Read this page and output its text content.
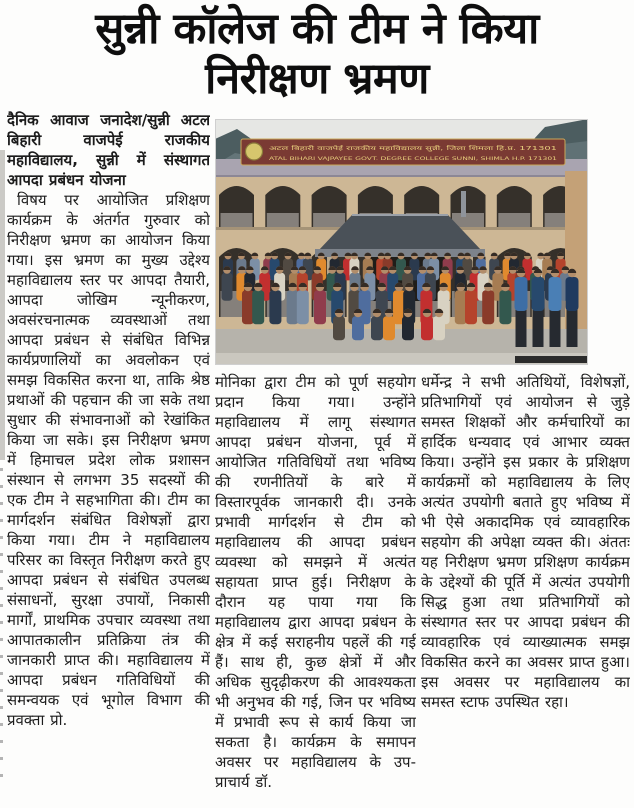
सुन्नी कॉलेज की टीम ने किया
निरीक्षण भ्रमण

दैनिक आवाज जनादेश/सुन्नी अटल बिहारी वाजपेई राजकीय महाविद्यालय, सुन्नी में संस्थागत आपदा प्रबंधन योजना

विषय पर आयोजित प्रशिक्षण कार्यक्रम के अंतर्गत गुरुवार को निरीक्षण भ्रमण का आयोजन किया गया। इस भ्रमण का मुख्य उद्देश्य महाविद्यालय स्तर पर आपदा तैयारी, आपदा जोखिम न्यूनीकरण, अवसंरचनात्मक व्यवस्थाओं तथा आपदा प्रबंधन से संबंधित विभिन्न कार्यप्रणालियों का अवलोकन एवं समझ विकसित करना था, ताकि श्रेष्ठ प्रथाओं की पहचान की जा सके तथा सुधार की संभावनाओं को रेखांकित किया जा सके। इस निरीक्षण भ्रमण में हिमाचल प्रदेश लोक प्रशासन संस्थान से लगभग 35 सदस्यों की एक टीम ने सहभागिता की। टीम का मार्गदर्शन संबंधित विशेषज्ञों द्वारा किया गया। टीम ने महाविद्यालय परिसर का विस्तृत निरीक्षण करते हुए आपदा प्रबंधन से संबंधित उपलब्ध संसाधनों, सुरक्षा उपायों, निकासी मार्गों, प्राथमिक उपचार व्यवस्था तथा आपातकालीन प्रतिक्रिया तंत्र की जानकारी प्राप्त की। महाविद्यालय में आपदा प्रबंधन गतिविधियों की समन्वयक एवं भूगोल विभाग की प्रवक्ता प्रो.

अटल बिहारी वाजपेई राजकीय महाविद्यालय सुन्नी, जिला शिमला हि.प्र. 171301
ATAL BIHARI VAJPAYEE GOVT. DEGREE COLLEGE SUNNI, SHIMLA H.P. 171301

मोनिका द्वारा टीम को पूर्ण सहयोग प्रदान किया गया। उन्होंने महाविद्यालय में लागू संस्थागत आपदा प्रबंधन योजना, पूर्व में आयोजित गतिविधियों तथा भविष्य की रणनीतियों के बारे में विस्तारपूर्वक जानकारी दी। उनके प्रभावी मार्गदर्शन से टीम को महाविद्यालय की आपदा प्रबंधन व्यवस्था को समझने में अत्यंत सहायता प्राप्त हुई। निरीक्षण के दौरान यह पाया गया कि महाविद्यालय द्वारा आपदा प्रबंधन के क्षेत्र में कई सराहनीय पहलें की गई हैं। साथ ही, कुछ क्षेत्रों में और अधिक सुदृढ़ीकरण की आवश्यकता भी अनुभव की गई, जिन पर भविष्य में प्रभावी रूप से कार्य किया जा सकता है। कार्यक्रम के समापन अवसर पर महाविद्यालय के उप-प्राचार्य डॉ.

धर्मेन्द्र ने सभी अतिथियों, विशेषज्ञों, प्रतिभागियों एवं आयोजन से जुड़े समस्त शिक्षकों और कर्मचारियों का हार्दिक धन्यवाद एवं आभार व्यक्त किया। उन्होंने इस प्रकार के प्रशिक्षण कार्यक्रमों को महाविद्यालय के लिए अत्यंत उपयोगी बताते हुए भविष्य में भी ऐसे अकादमिक एवं व्यावहारिक सहयोग की अपेक्षा व्यक्त की। अंततः यह निरीक्षण भ्रमण प्रशिक्षण कार्यक्रम के उद्देश्यों की पूर्ति में अत्यंत उपयोगी सिद्ध हुआ तथा प्रतिभागियों को संस्थागत स्तर पर आपदा प्रबंधन की व्यावहारिक एवं व्याख्यात्मक समझ विकसित करने का अवसर प्राप्त हुआ। इस अवसर पर महाविद्यालय का समस्त स्टाफ उपस्थित रहा।
